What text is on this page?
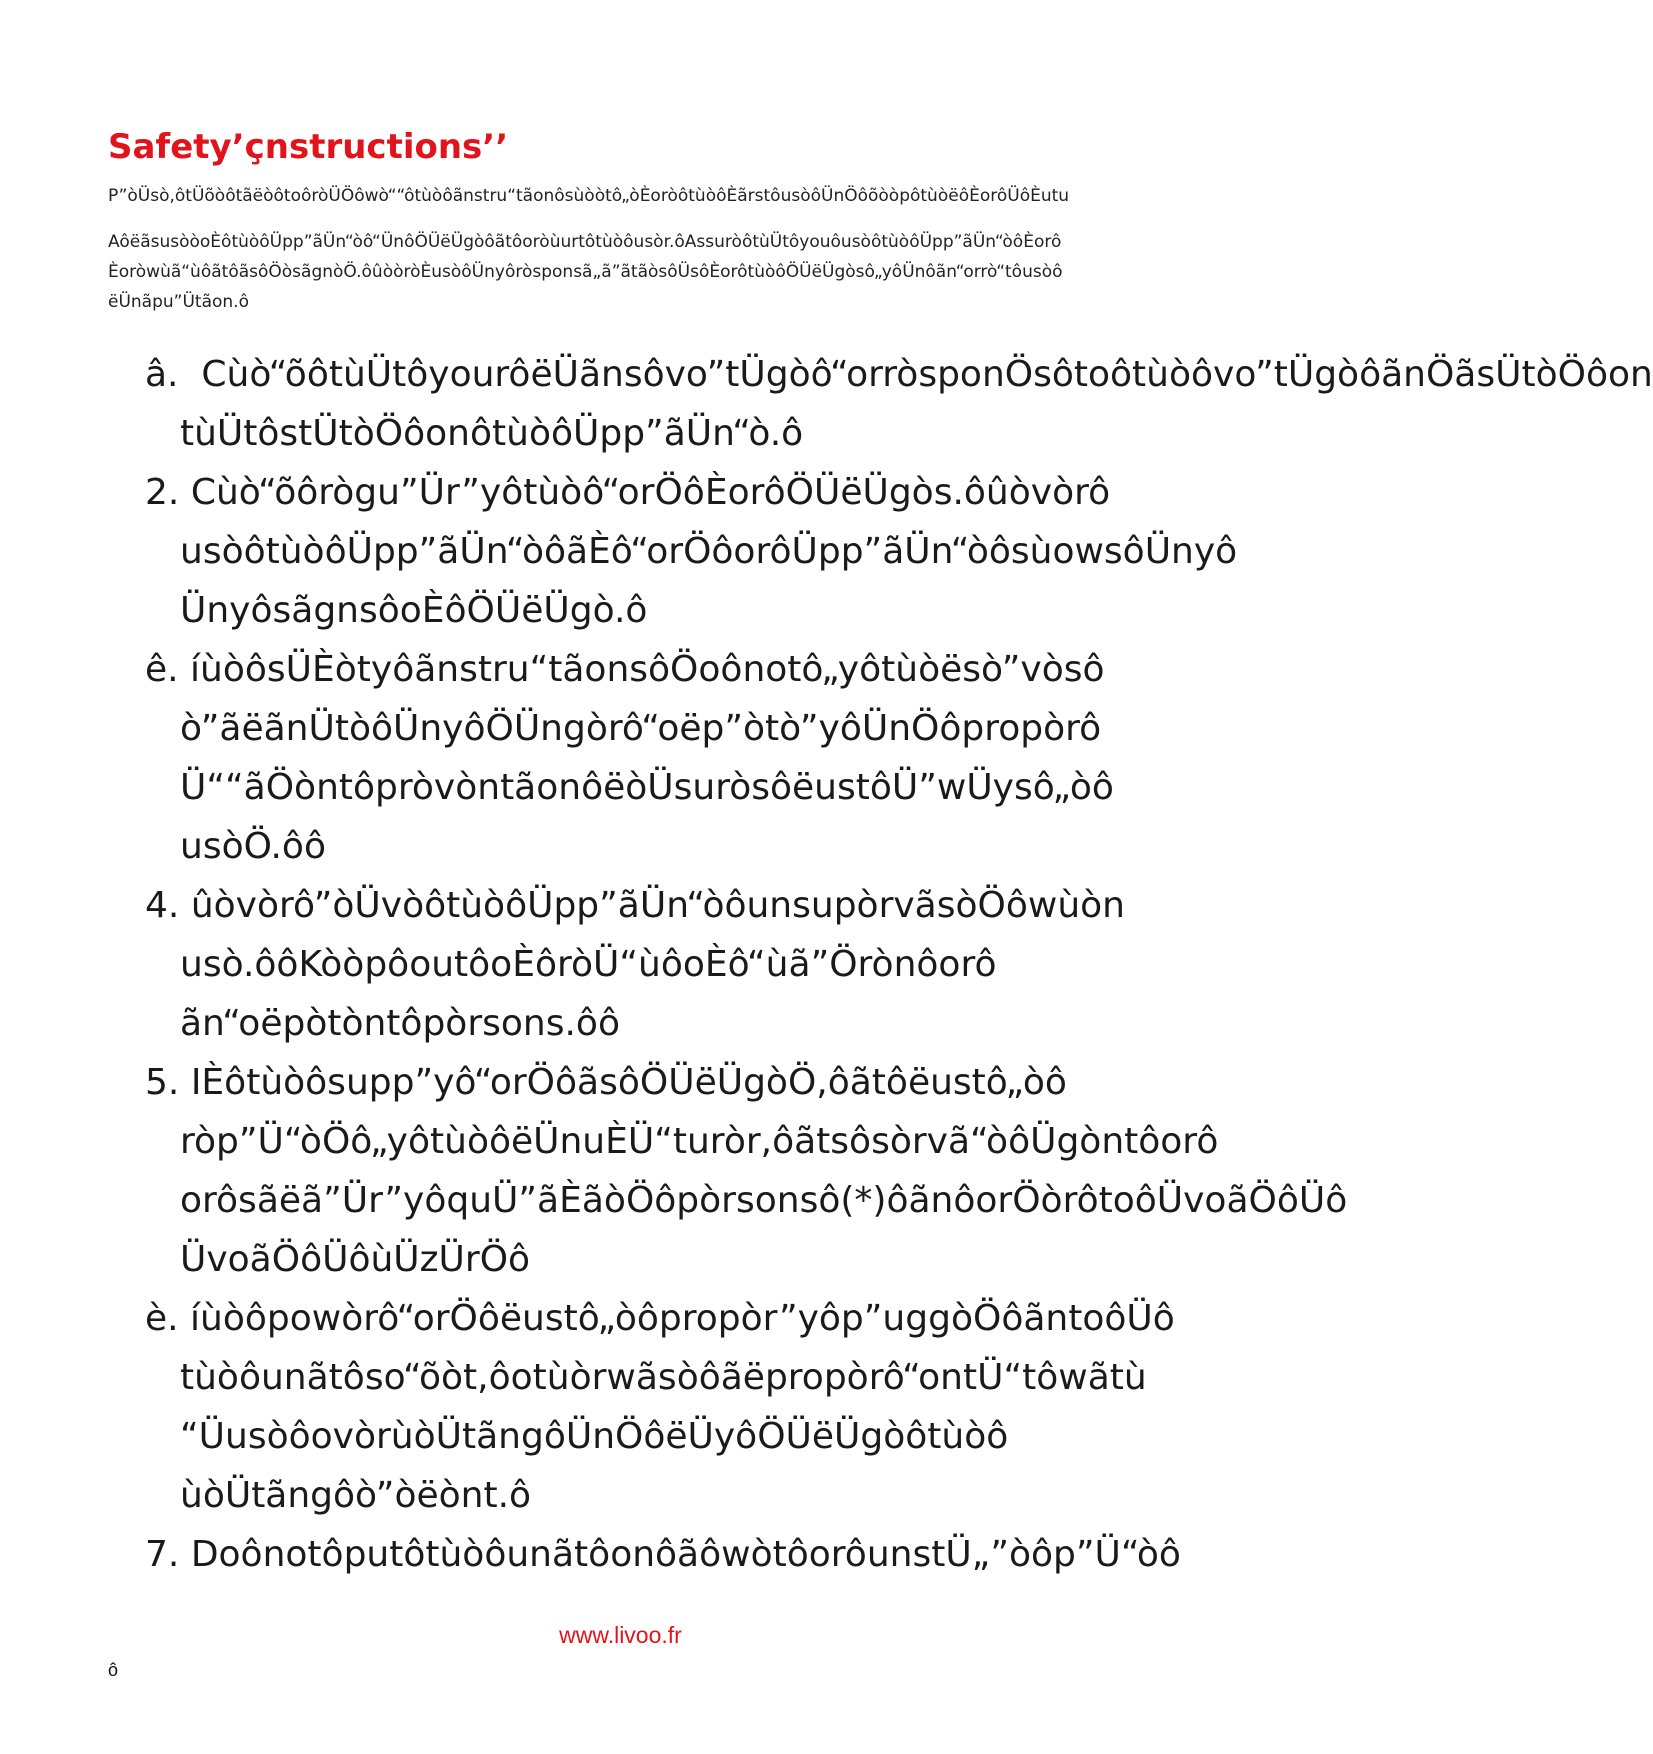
Safety’çnstructions’’
P”òÜsò,ôtÜõòôtãëòôtoôròÜÖôwò““ôtùòôãnstru“tãonôsùòòtô„òÈoròôtùòôÈãrstôusòôÜnÖôõòòpôtùòëôÈorôÜôÈutu
AôëãsusòòoÈôtùòôÜpp”ãÜn“òô“ÜnôÖÜëÜgòôãtôoròùurtôtùòôusòr.ôAssuròôtùÜtôyouôusòôtùòôÜpp”ãÜn“òôÈorô
Èoròwùã“ùôãtôãsôÖòsãgnòÖ.ôûòòròÈusòôÜnyôròsponsã„ã”ãtãòsôÜsôÈorôtùòôÖÜëÜgòsô„yôÜnôãn“orrò“tôusòô
ëÜnãpu”Ütãon.ô
â. Cùò“õôtùÜtôyourôëÜãnsôvo”tÜgòô“orròsponÖsôtoôtùòôvo”tÜgòôãnÖãsÜtòÖôon
tùÜtôstÜtòÖôonôtùòôÜpp”ãÜn“ò.ô
2. Cùò“õôrògu”Ür”yôtùòô“orÖôÈorôÖÜëÜgòs.ôûòvòrô
usòôtùòôÜpp”ãÜn“òôãÈô“orÖôorôÜpp”ãÜn“òôsùowsôÜnyô
ÜnyôsãgnsôoÈôÖÜëÜgò.ô
ê. íùòôsÜÈòtyôãnstru“tãonsôÖoônotô„yôtùòësò”vòsô
ò”ãëãnÜtòôÜnyôÖÜngòrô“oëp”òtò”yôÜnÖôpropòrô
Ü““ãÖòntôpròvòntãonôëòÜsuròsôëustôÜ”wÜysô„òô
usòÖ.ôô
4. ûòvòrô”òÜvòôtùòôÜpp”ãÜn“òôunsupòrvãsòÖôwùòn
usò.ôôKòòpôoutôoÈôròÜ“ùôoÈô“ùã”Örònôorô
ãn“oëpòtòntôpòrsons.ôô
5. IÈôtùòôsupp”yô“orÖôãsôÖÜëÜgòÖ,ôãtôëustô„òô
ròp”Ü“òÖô„yôtùòôëÜnuÈÜ“turòr,ôãtsôsòrvã“òôÜgòntôorô
orôsãëã”Ür”yôquÜ”ãÈãòÖôpòrsonsô(*)ôãnôorÖòrôtoôÜvoãÖôÜô
ÜvoãÖôÜôùÜzÜrÖô
è. íùòôpowòrô“orÖôëustô„òôpropòr”yôp”uggòÖôãntoôÜô
tùòôunãtôso“õòt,ôotùòrwãsòôãëpropòrô“ontÜ“tôwãtù
“ÜusòôovòrùòÜtãngôÜnÖôëÜyôÖÜëÜgòôtùòô
ùòÜtãngôò”òëònt.ô
7. DoônotôputôtùòôunãtôonôãôwòtôorôunstÜ„”òôp”Ü“òô
www.livoo.fr
ô
